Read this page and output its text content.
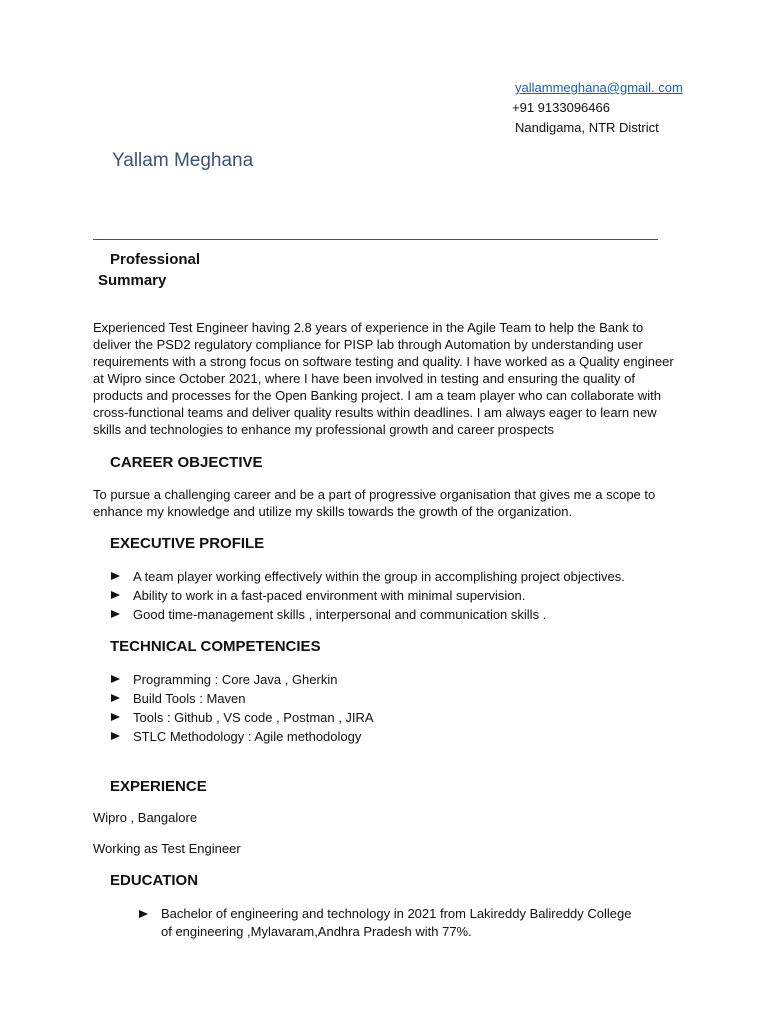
yallammeghana@gmail. com
+91 9133096466
Nandigama, NTR District
Yallam Meghana
Professional
Summary
Experienced Test Engineer having 2.8 years of experience in the Agile Team to help the Bank to deliver the PSD2 regulatory compliance for PISP lab through Automation by understanding user requirements with a strong focus on software testing and quality. I have worked as a Quality engineer at Wipro since October 2021, where I have been involved in testing and ensuring the quality of products and processes for the Open Banking project. I am a team player who can collaborate with cross-functional teams and deliver quality results within deadlines. I am always eager to learn new skills and technologies to enhance my professional growth and career prospects
CAREER OBJECTIVE
To pursue a challenging career and be a part of progressive organisation that gives me a scope to enhance my knowledge and utilize my skills towards the growth of the organization.
EXECUTIVE PROFILE
A team player working effectively within the group in accomplishing project objectives.
Ability to work in a fast-paced environment with minimal supervision.
Good time-management skills , interpersonal and communication skills .
TECHNICAL COMPETENCIES
Programming : Core Java , Gherkin
Build Tools : Maven
Tools : Github , VS code , Postman , JIRA
STLC Methodology : Agile methodology
EXPERIENCE
Wipro , Bangalore
Working as Test Engineer
EDUCATION
Bachelor of engineering and technology in 2021 from Lakireddy Balireddy College of engineering ,Mylavaram,Andhra Pradesh with 77%.
